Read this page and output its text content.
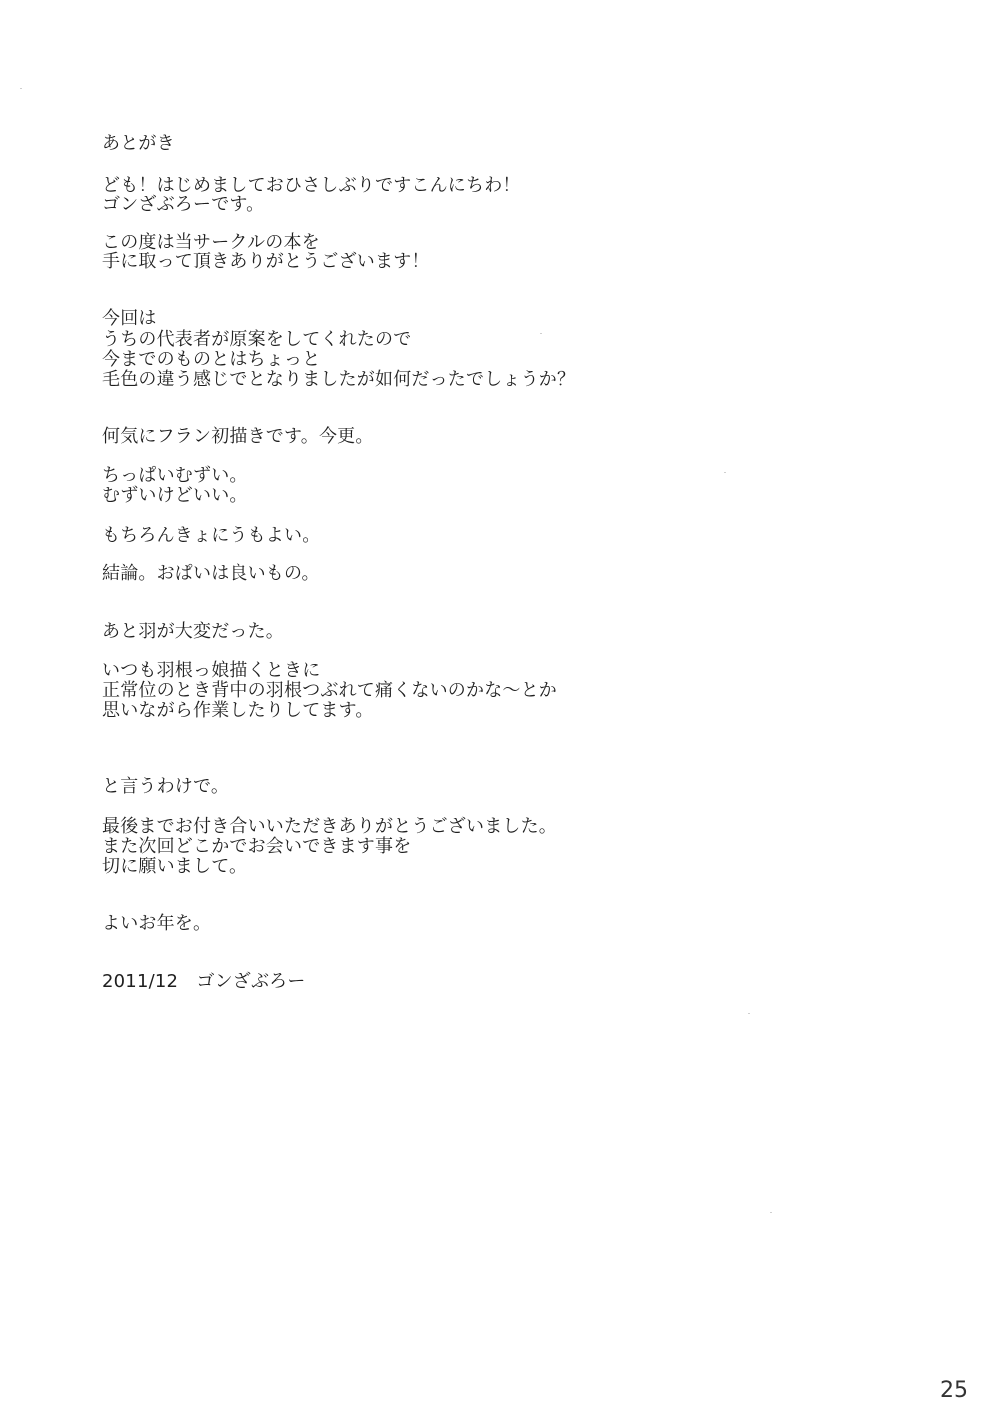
あとがき
ども！はじめましておひさしぶりですこんにちわ！
ゴンざぶろーです。
この度は当サークルの本を
手に取って頂きありがとうございます！
今回は
うちの代表者が原案をしてくれたので
今までのものとはちょっと
毛色の違う感じでとなりましたが如何だったでしょうか？
何気にフラン初描きです。今更。
ちっぱいむずい。
むずいけどいい。
もちろんきょにうもよい。
結論。おぱいは良いもの。
あと羽が大変だった。
いつも羽根っ娘描くときに
正常位のとき背中の羽根つぶれて痛くないのかな～とか
思いながら作業したりしてます。
と言うわけで。
最後までお付き合いいただきありがとうございました。
また次回どこかでお会いできます事を
切に願いまして。
よいお年を。
2011/12　ゴンざぶろー
25
